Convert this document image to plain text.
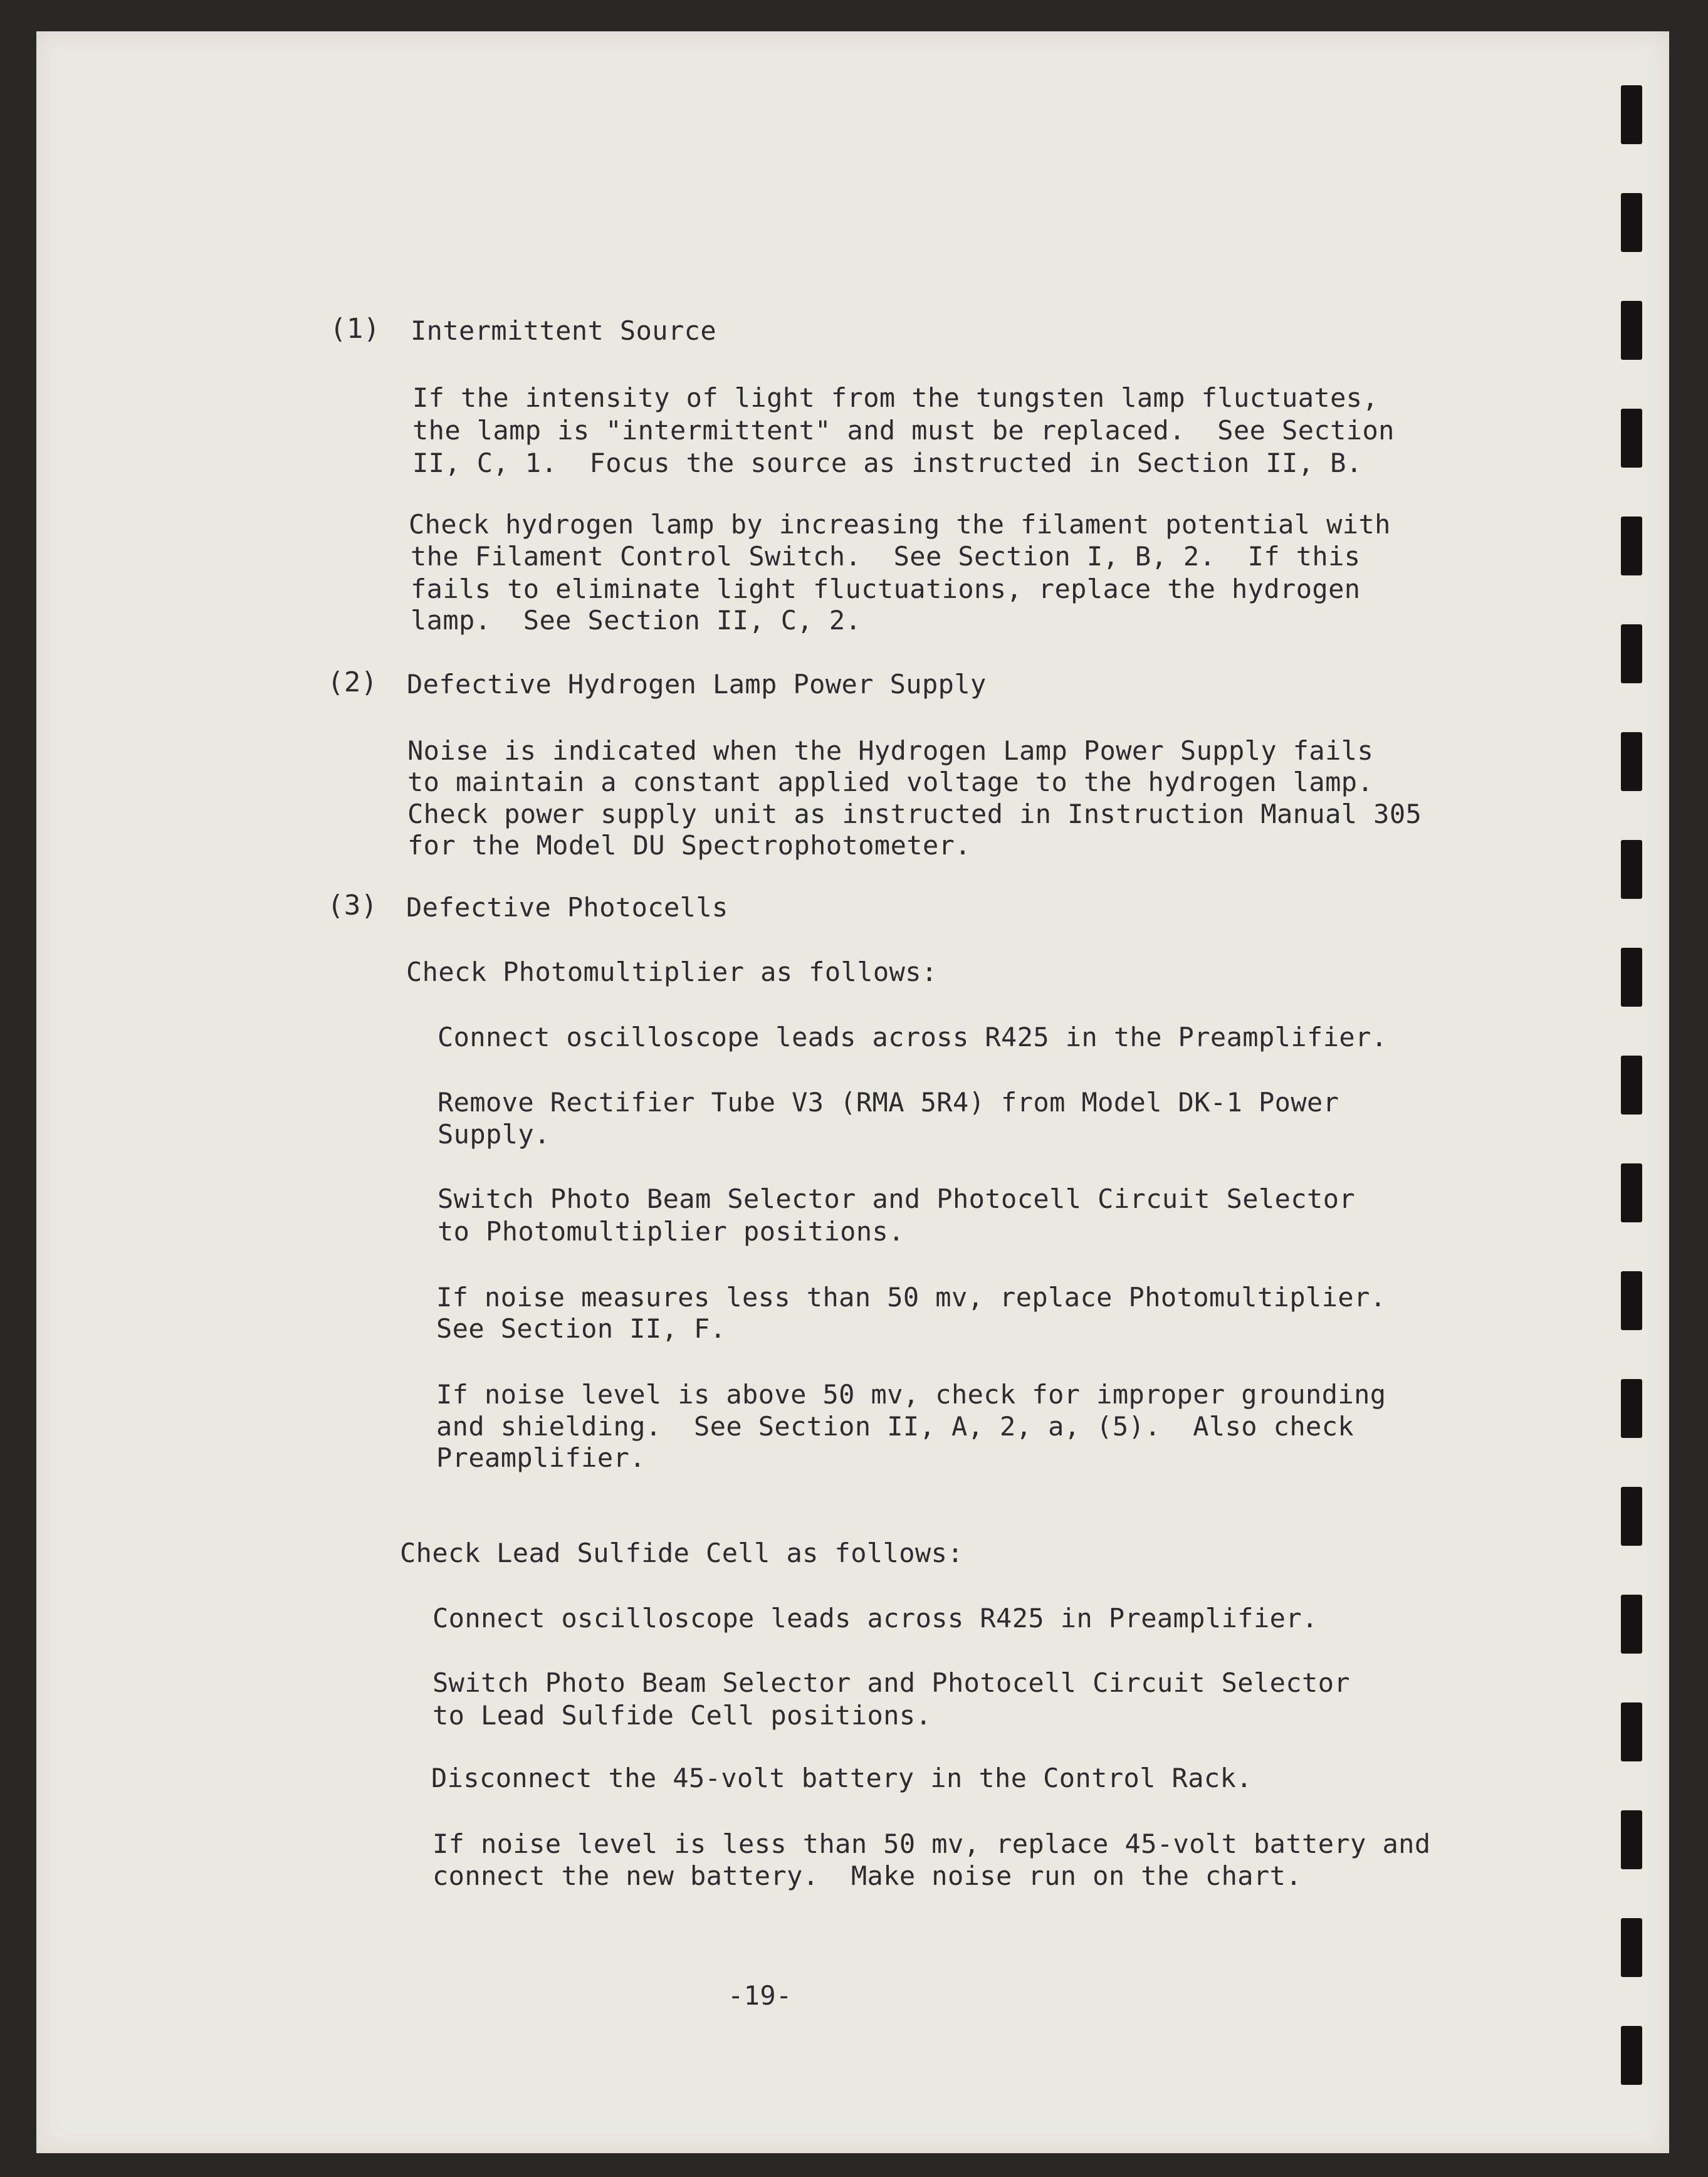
(1) Intermittent Source
If the intensity of light from the tungsten lamp fluctuates,
the lamp is "intermittent" and must be replaced.  See Section
II, C, 1.  Focus the source as instructed in Section II, B.
Check hydrogen lamp by increasing the filament potential with
the Filament Control Switch.  See Section I, B, 2.  If this
fails to eliminate light fluctuations, replace the hydrogen
lamp.  See Section II, C, 2.
(2) Defective Hydrogen Lamp Power Supply
Noise is indicated when the Hydrogen Lamp Power Supply fails
to maintain a constant applied voltage to the hydrogen lamp.
Check power supply unit as instructed in Instruction Manual 305
for the Model DU Spectrophotometer.
(3) Defective Photocells
Check Photomultiplier as follows:
Connect oscilloscope leads across R425 in the Preamplifier.
Remove Rectifier Tube V3 (RMA 5R4) from Model DK-1 Power
Supply.
Switch Photo Beam Selector and Photocell Circuit Selector
to Photomultiplier positions.
If noise measures less than 50 mv, replace Photomultiplier.
See Section II, F.
If noise level is above 50 mv, check for improper grounding
and shielding.  See Section II, A, 2, a, (5).  Also check
Preamplifier.
Check Lead Sulfide Cell as follows:
Connect oscilloscope leads across R425 in Preamplifier.
Switch Photo Beam Selector and Photocell Circuit Selector
to Lead Sulfide Cell positions.
Disconnect the 45-volt battery in the Control Rack.
If noise level is less than 50 mv, replace 45-volt battery and
connect the new battery.  Make noise run on the chart.
-19-
